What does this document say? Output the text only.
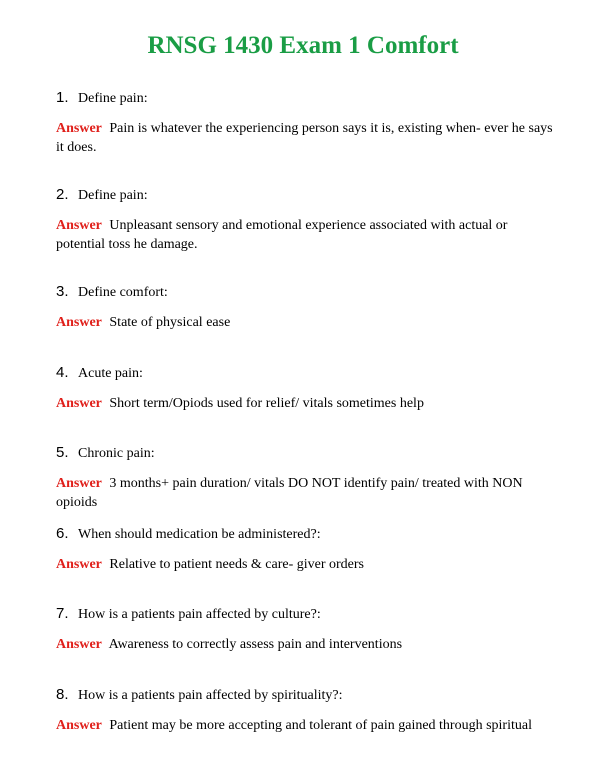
RNSG 1430 Exam 1 Comfort
1. Define pain:
Answer Pain is whatever the experiencing person says it is, existing when- ever he says it does.
2. Define pain:
Answer Unpleasant sensory and emotional experience associated with actual or potential toss he damage.
3. Define comfort:
Answer State of physical ease
4. Acute pain:
Answer Short term/Opiods used for relief/ vitals sometimes help
5. Chronic pain:
Answer 3 months+ pain duration/ vitals DO NOT identify pain/ treated with NON opioids
6. When should medication be administered?:
Answer Relative to patient needs & care- giver orders
7. How is a patients pain affected by culture?:
Answer Awareness to correctly assess pain and interventions
8. How is a patients pain affected by spirituality?:
Answer Patient may be more accepting and tolerant of pain gained through spiritual
